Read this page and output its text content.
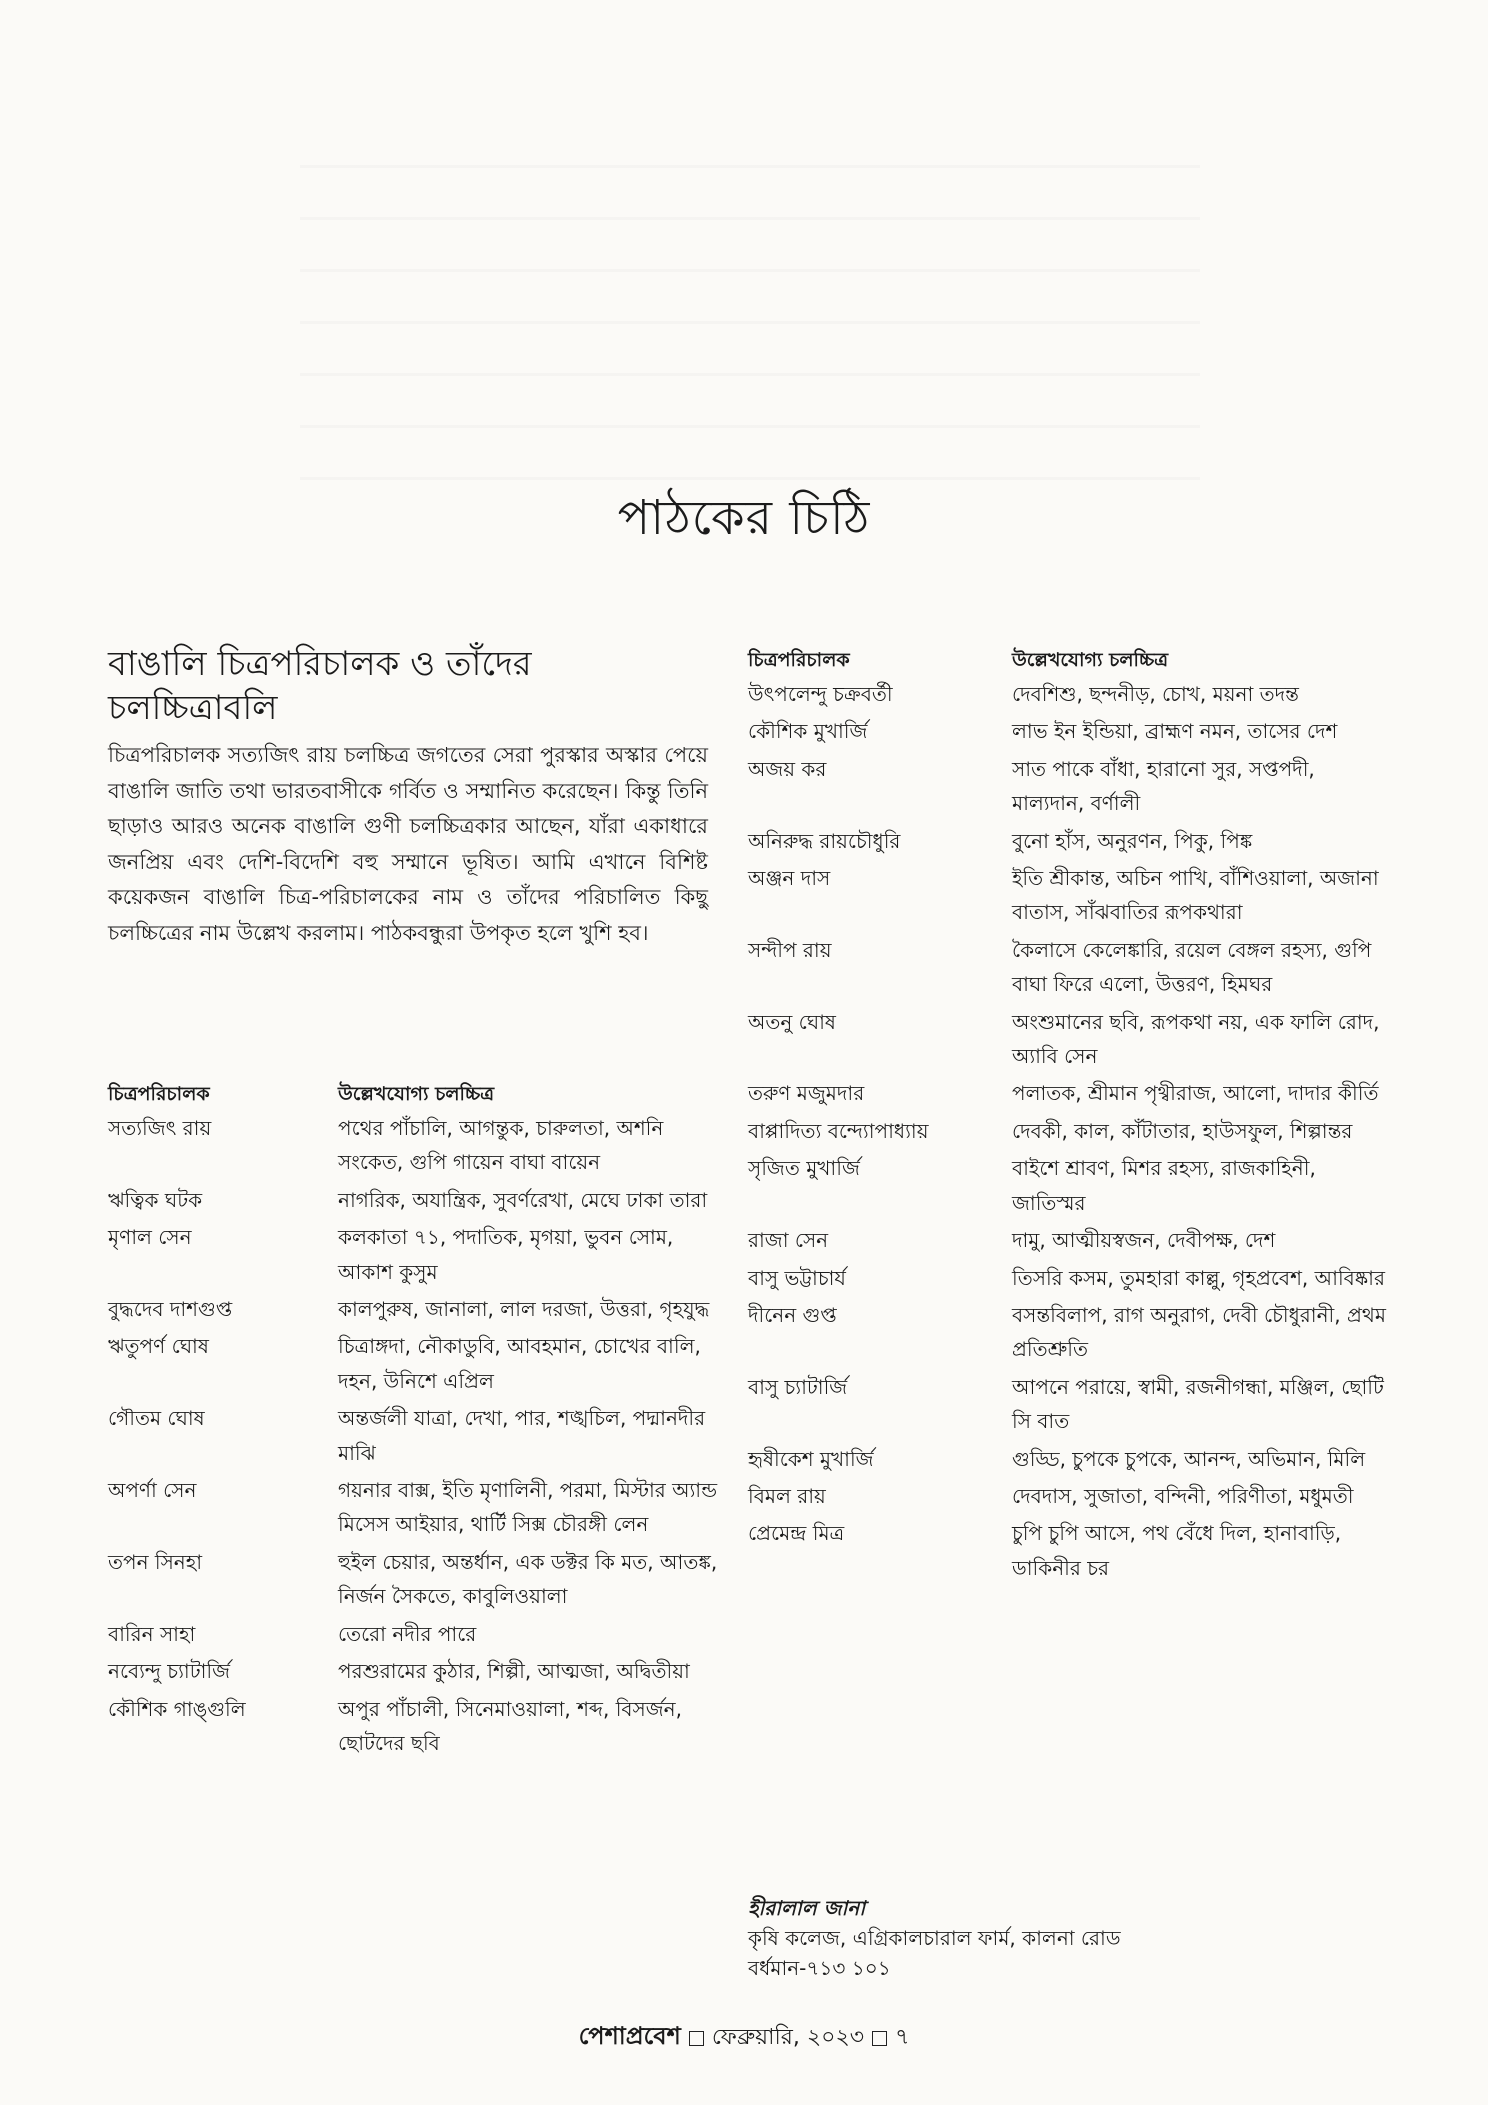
পাঠকের চিঠি
বাঙালি চিত্রপরিচালক ও তাঁদের চলচ্চিত্রাবলি

চিত্রপরিচালক সত্যজিৎ রায় চলচ্চিত্র জগতের সেরা পুরস্কার অস্কার পেয়ে বাঙালি জাতি তথা ভারতবাসীকে গর্বিত ও সম্মানিত করেছেন। কিন্তু তিনি ছাড়াও আরও অনেক বাঙালি গুণী চলচ্চিত্রকার আছেন, যাঁরা একাধারে জনপ্রিয় এবং দেশি-বিদেশি বহু সম্মানে ভূষিত। আমি এখানে বিশিষ্ট কয়েকজন বাঙালি চিত্র-পরিচালকের নাম ও তাঁদের পরিচালিত কিছু চলচ্চিত্রের নাম উল্লেখ করলাম। পাঠকবন্ধুরা উপকৃত হলে খুশি হব।

চিত্রপরিচালক	উল্লেখযোগ্য চলচ্চিত্র
সত্যজিৎ রায়	পথের পাঁচালি, আগন্তুক, চারুলতা, অশনি সংকেত, গুপি গায়েন বাঘা বায়েন
ঋত্বিক ঘটক	নাগরিক, অযান্ত্রিক, সুবর্ণরেখা, মেঘে ঢাকা তারা
মৃণাল সেন	কলকাতা ৭১, পদাতিক, মৃগয়া, ভুবন সোম, আকাশ কুসুম
বুদ্ধদেব দাশগুপ্ত	কালপুরুষ, জানালা, লাল দরজা, উত্তরা, গৃহযুদ্ধ
ঋতুপর্ণ ঘোষ	চিত্রাঙ্গদা, নৌকাডুবি, আবহমান, চোখের বালি, দহন, উনিশে এপ্রিল
গৌতম ঘোষ	অন্তর্জলী যাত্রা, দেখা, পার, শঙ্খচিল, পদ্মানদীর মাঝি
অপর্ণা সেন	গয়নার বাক্স, ইতি মৃণালিনী, পরমা, মিস্টার অ্যান্ড মিসেস আইয়ার, থার্টি সিক্স চৌরঙ্গী লেন
তপন সিনহা	হুইল চেয়ার, অন্তর্ধান, এক ডক্টর কি মত, আতঙ্ক, নির্জন সৈকতে, কাবুলিওয়ালা
বারিন সাহা	তেরো নদীর পারে
নব্যেন্দু চ্যাটার্জি	পরশুরামের কুঠার, শিল্পী, আত্মজা, অদ্বিতীয়া
কৌশিক গাঙ্গুলি	অপুর পাঁচালী, সিনেমাওয়ালা, শব্দ, বিসর্জন, ছোটদের ছবি
চিত্রপরিচালক	উল্লেখযোগ্য চলচ্চিত্র
উৎপলেন্দু চক্রবর্তী	দেবশিশু, ছন্দনীড়, চোখ, ময়না তদন্ত
কৌশিক মুখার্জি	লাভ ইন ইন্ডিয়া, ব্রাহ্মণ নমন, তাসের দেশ
অজয় কর	সাত পাকে বাঁধা, হারানো সুর, সপ্তপদী, মাল্যদান, বর্ণালী
অনিরুদ্ধ রায়চৌধুরি	বুনো হাঁস, অনুরণন, পিকু, পিঙ্ক
অঞ্জন দাস	ইতি শ্রীকান্ত, অচিন পাখি, বাঁশিওয়ালা, অজানা বাতাস, সাঁঝবাতির রূপকথারা
সন্দীপ রায়	কৈলাসে কেলেঙ্কারি, রয়েল বেঙ্গল রহস্য, গুপি বাঘা ফিরে এলো, উত্তরণ, হিমঘর
অতনু ঘোষ	অংশুমানের ছবি, রূপকথা নয়, এক ফালি রোদ, অ্যাবি সেন
তরুণ মজুমদার	পলাতক, শ্রীমান পৃথ্বীরাজ, আলো, দাদার কীর্তি
বাপ্পাদিত্য বন্দ্যোপাধ্যায়	দেবকী, কাল, কাঁটাতার, হাউসফুল, শিল্পান্তর
সৃজিত মুখার্জি	বাইশে শ্রাবণ, মিশর রহস্য, রাজকাহিনী, জাতিস্মর
রাজা সেন	দামু, আত্মীয়স্বজন, দেবীপক্ষ, দেশ
বাসু ভট্টাচার্য	তিসরি কসম, তুমহারা কাল্লু, গৃহপ্রবেশ, আবিষ্কার
দীনেন গুপ্ত	বসন্তবিলাপ, রাগ অনুরাগ, দেবী চৌধুরানী, প্রথম প্রতিশ্রুতি
বাসু চ্যাটার্জি	আপনে পরায়ে, স্বামী, রজনীগন্ধা, মঞ্জিল, ছোটি সি বাত
হৃষীকেশ মুখার্জি	গুড্ডি, চুপকে চুপকে, আনন্দ, অভিমান, মিলি
বিমল রায়	দেবদাস, সুজাতা, বন্দিনী, পরিণীতা, মধুমতী
প্রেমেন্দ্র মিত্র	চুপি চুপি আসে, পথ বেঁধে দিল, হানাবাড়ি, ডাকিনীর চর
হীরালাল জানা
কৃষি কলেজ, এগ্রিকালচারাল ফার্ম, কালনা রোড
বর্ধমান-৭১৩ ১০১
পেশাপ্রবেশ ফেব্রুয়ারি, ২০২৩ ৭
